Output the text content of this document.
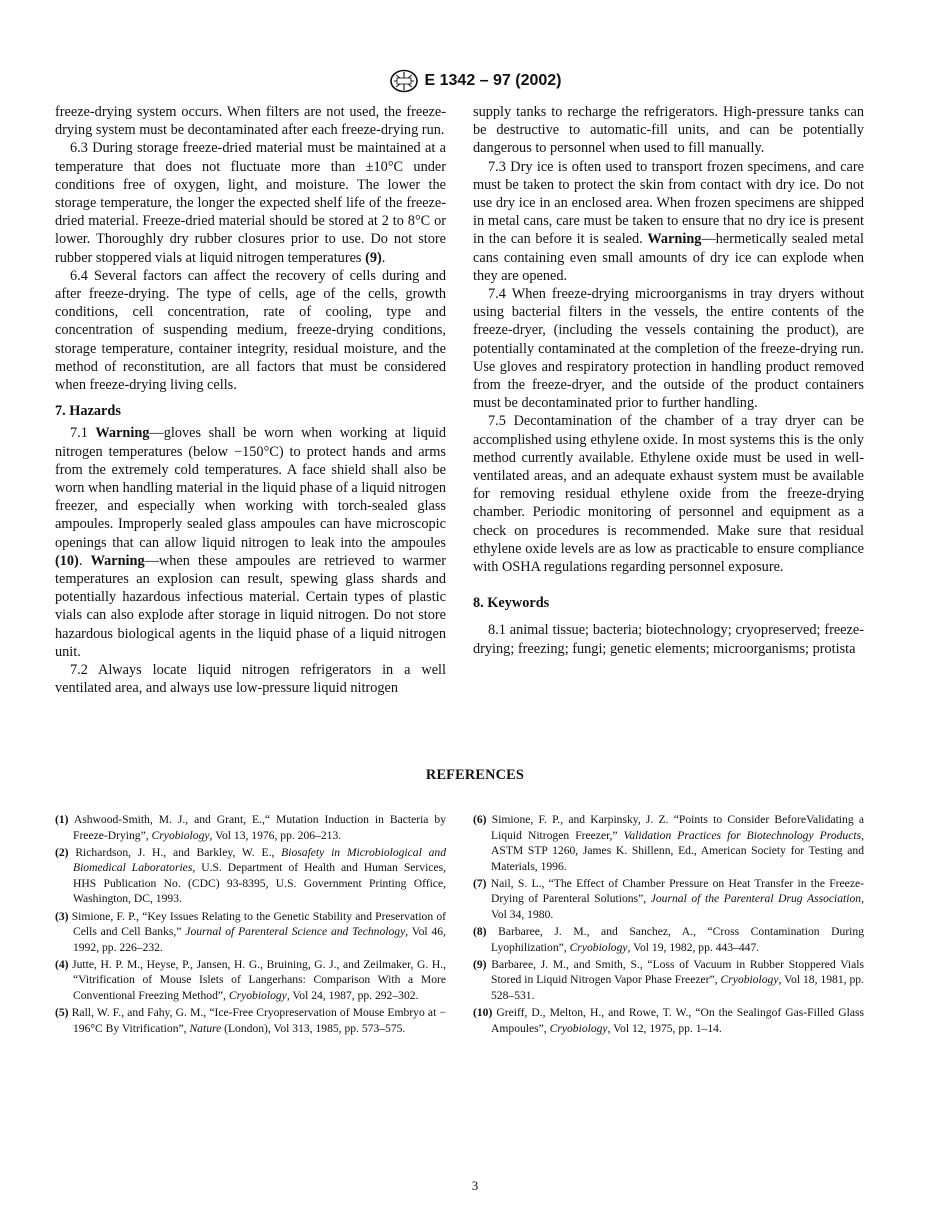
E 1342 – 97 (2002)

freeze-drying system occurs. When filters are not used, the freeze-drying system must be decontaminated after each freeze-drying run.

6.3 During storage freeze-dried material must be maintained at a temperature that does not fluctuate more than ±10°C under conditions free of oxygen, light, and moisture. The lower the storage temperature, the longer the expected shelf life of the freeze-dried material. Freeze-dried material should be stored at 2 to 8°C or lower. Thoroughly dry rubber closures prior to use. Do not store rubber stoppered vials at liquid nitrogen temperatures (9).

6.4 Several factors can affect the recovery of cells during and after freeze-drying. The type of cells, age of the cells, growth conditions, cell concentration, rate of cooling, type and concentration of suspending medium, freeze-drying conditions, storage temperature, container integrity, residual moisture, and the method of reconstitution, are all factors that must be considered when freeze-drying living cells.

7. Hazards

7.1 Warning—gloves shall be worn when working at liquid nitrogen temperatures (below −150°C) to protect hands and arms from the extremely cold temperatures. A face shield shall also be worn when handling material in the liquid phase of a liquid nitrogen freezer, and especially when working with torch-sealed glass ampoules. Improperly sealed glass ampoules can have microscopic openings that can allow liquid nitrogen to leak into the ampoules (10). Warning—when these ampoules are retrieved to warmer temperatures an explosion can result, spewing glass shards and potentially hazardous infectious material. Certain types of plastic vials can also explode after storage in liquid nitrogen. Do not store hazardous biological agents in the liquid phase of a liquid nitrogen unit.

7.2 Always locate liquid nitrogen refrigerators in a well ventilated area, and always use low-pressure liquid nitrogen

supply tanks to recharge the refrigerators. High-pressure tanks can be destructive to automatic-fill units, and can be potentially dangerous to personnel when used to fill manually.

7.3 Dry ice is often used to transport frozen specimens, and care must be taken to protect the skin from contact with dry ice. Do not use dry ice in an enclosed area. When frozen specimens are shipped in metal cans, care must be taken to ensure that no dry ice is present in the can before it is sealed. Warning—hermetically sealed metal cans containing even small amounts of dry ice can explode when they are opened.

7.4 When freeze-drying microorganisms in tray dryers without using bacterial filters in the vessels, the entire contents of the freeze-dryer, (including the vessels containing the product), are potentially contaminated at the completion of the freeze-drying run. Use gloves and respiratory protection in handling product removed from the freeze-dryer, and the outside of the product containers must be decontaminated prior to further handling.

7.5 Decontamination of the chamber of a tray dryer can be accomplished using ethylene oxide. In most systems this is the only method currently available. Ethylene oxide must be used in well-ventilated areas, and an adequate exhaust system must be available for removing residual ethylene oxide from the freeze-drying chamber. Periodic monitoring of personnel and equipment as a check on procedures is recommended. Make sure that residual ethylene oxide levels are as low as practicable to ensure compliance with OSHA regulations regarding personnel exposure.

8. Keywords

8.1 animal tissue; bacteria; biotechnology; cryopreserved; freeze-drying; freezing; fungi; genetic elements; microorganisms; protista

REFERENCES
(1) Ashwood-Smith, M. J., and Grant, E.,“ Mutation Induction in Bacteria by Freeze-Drying”, Cryobiology, Vol 13, 1976, pp. 206–213.
(2) Richardson, J. H., and Barkley, W. E., Biosafety in Microbiological and Biomedical Laboratories, U.S. Department of Health and Human Services, HHS Publication No. (CDC) 93-8395, U.S. Government Printing Office, Washington, DC, 1993.
(3) Simione, F. P., “Key Issues Relating to the Genetic Stability and Preservation of Cells and Cell Banks,” Journal of Parenteral Science and Technology, Vol 46, 1992, pp. 226–232.
(4) Jutte, H. P. M., Heyse, P., Jansen, H. G., Bruining, G. J., and Zeilmaker, G. H., “Vitrification of Mouse Islets of Langerhans: Comparison With a More Conventional Freezing Method”, Cryobiology, Vol 24, 1987, pp. 292–302.
(5) Rall, W. F., and Fahy, G. M., “Ice-Free Cryopreservation of Mouse Embryo at − 196°C By Vitrification”, Nature (London), Vol 313, 1985, pp. 573–575.
(6) Simione, F. P., and Karpinsky, J. Z. “Points to Consider BeforeValidating a Liquid Nitrogen Freezer,” Validation Practices for Biotechnology Products, ASTM STP 1260, James K. Shillenn, Ed., American Society for Testing and Materials, 1996.
(7) Nail, S. L., “The Effect of Chamber Pressure on Heat Transfer in the Freeze-Drying of Parenteral Solutions”, Journal of the Parenteral Drug Association, Vol 34, 1980.
(8) Barbaree, J. M., and Sanchez, A., “Cross Contamination During Lyophilization”, Cryobiology, Vol 19, 1982, pp. 443–447.
(9) Barbaree, J. M., and Smith, S., “Loss of Vacuum in Rubber Stoppered Vials Stored in Liquid Nitrogen Vapor Phase Freezer”, Cryobiology, Vol 18, 1981, pp. 528–531.
(10) Greiff, D., Melton, H., and Rowe, T. W., “On the Sealingof Gas-Filled Glass Ampoules”, Cryobiology, Vol 12, 1975, pp. 1–14.
3
